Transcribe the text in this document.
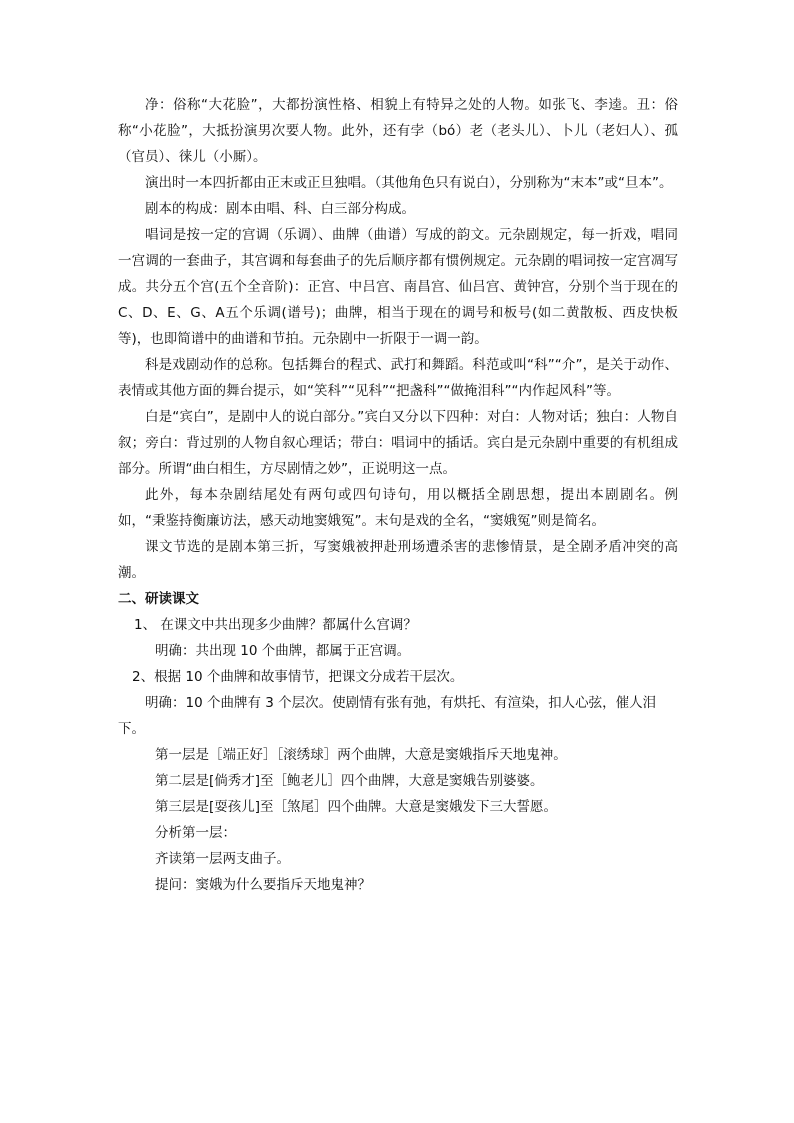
净：俗称“大花脸”，大都扮演性格、相貌上有特异之处的人物。如张飞、李逵。丑：俗称“小花脸”，大抵扮演男次要人物。此外，还有孛（bó）老（老头儿）、卜儿（老妇人）、孤（官员）、徕儿（小厮）。

演出时一本四折都由正末或正旦独唱。（其他角色只有说白），分别称为“末本”或“旦本”。

剧本的构成：剧本由唱、科、白三部分构成。

唱词是按一定的宫调（乐调）、曲牌（曲谱）写成的韵文。元杂剧规定，每一折戏，唱同一宫调的一套曲子，其宫调和每套曲子的先后顺序都有惯例规定。元杂剧的唱词按一定宫凋写成。共分五个宫(五个全音阶)：正宫、中吕宫、南昌宫、仙吕宫、黄钟宫，分别个当于现在的C、D、E、G、A五个乐调(谱号)；曲牌，相当于现在的调号和板号(如二黄散板、西皮快板等)，也即简谱中的曲谱和节拍。元杂剧中一折限于一调一韵。

科是戏剧动作的总称。包括舞台的程式、武打和舞蹈。科范或叫“科”“介”，是关于动作、表情或其他方面的舞台提示，如“笑科”“见科”“把盏科”“做掩泪科”“内作起风科”等。

白是“宾白”，是剧中人的说白部分。”宾白又分以下四种：对白：人物对话；独白：人物自叙；旁白：背过别的人物自叙心理话；带白：唱词中的插话。宾白是元杂剧中重要的有机组成部分。所谓“曲白相生，方尽剧情之妙”，正说明这一点。

此外，每本杂剧结尾处有两句或四句诗句，用以概括全剧思想，提出本剧剧名。例如，“秉鉴持衡廉访法，感天动地窦娥冤”。末句是戏的全名，“窦娥冤”则是简名。

课文节选的是剧本第三折，写窦娥被押赴刑场遭杀害的悲惨情景，是全剧矛盾冲突的高潮。

二、研读课文

1、 在课文中共出现多少曲牌？都属什么宫调？

明确：共出现 10 个曲牌，都属于正宫调。

2、根据 10 个曲牌和故事情节，把课文分成若干层次。

明确：10 个曲牌有 3 个层次。使剧情有张有弛，有烘托、有渲染，扣人心弦，催人泪下。

第一层是［端正好］［滚绣球］两个曲牌，大意是窦娥指斥天地鬼神。

第二层是[倘秀才]至［鲍老儿］四个曲牌，大意是窦娥告别婆婆。

第三层是[耍孩儿]至［煞尾］四个曲牌。大意是窦娥发下三大誓愿。

分析第一层：

齐读第一层两支曲子。

提问：窦娥为什么要指斥天地鬼神？
